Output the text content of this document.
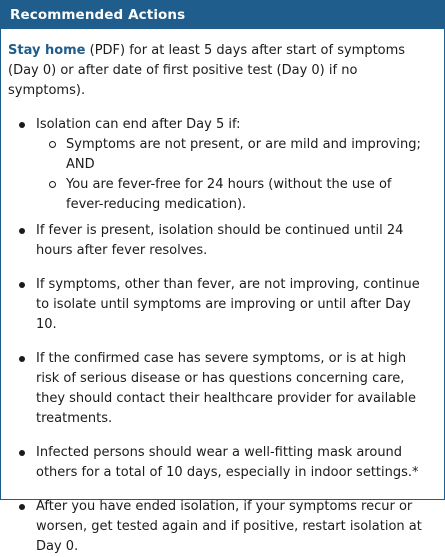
Recommended Actions

Stay home (PDF) for at least 5 days after start of symptoms (Day 0) or after date of first positive test (Day 0) if no symptoms).

Isolation can end after Day 5 if:
Symptoms are not present, or are mild and improving; AND
You are fever-free for 24 hours (without the use of fever-reducing medication).
If fever is present, isolation should be continued until 24 hours after fever resolves.
If symptoms, other than fever, are not improving, continue to isolate until symptoms are improving or until after Day 10.
If the confirmed case has severe symptoms, or is at high risk of serious disease or has questions concerning care, they should contact their healthcare provider for available treatments.
Infected persons should wear a well-fitting mask around others for a total of 10 days, especially in indoor settings.*
After you have ended isolation, if your symptoms recur or worsen, get tested again and if positive, restart isolation at Day 0.
